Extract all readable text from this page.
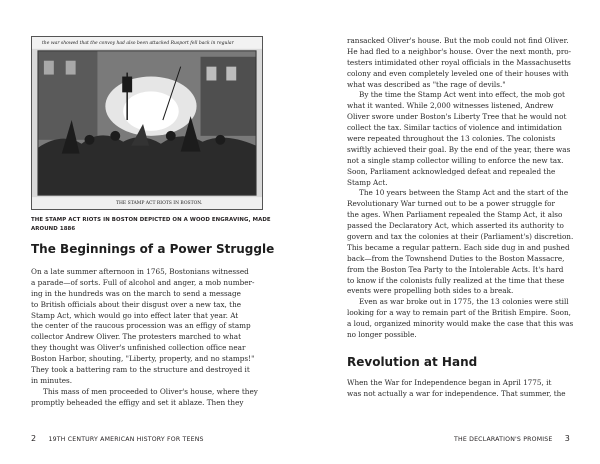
the war showed that the convoy had also been attacked Rusport fell back in regular
THE STAMP ACT RIOTS IN BOSTON.
THE STAMP ACT RIOTS IN BOSTON DEPICTED ON A WOOD ENGRAVING, MADE AROUND 1886
The Beginnings of a Power Struggle
On a late summer afternoon in 1765, Bostonians witnessed
a parade—of sorts. Full of alcohol and anger, a mob number-
ing in the hundreds was on the march to send a message
to British officials about their disgust over a new tax, the
Stamp Act, which would go into effect later that year. At
the center of the raucous procession was an effigy of stamp
collector Andrew Oliver. The protesters marched to what
they thought was Oliver's unfinished collection office near
Boston Harbor, shouting, "Liberty, property, and no stamps!"
They took a battering ram to the structure and destroyed it
in minutes.
This mass of men proceeded to Oliver's house, where they
promptly beheaded the effigy and set it ablaze. Then they
2 19TH CENTURY AMERICAN HISTORY FOR TEENS
ransacked Oliver's house. But the mob could not find Oliver.
He had fled to a neighbor's house. Over the next month, pro-
testers intimidated other royal officials in the Massachusetts
colony and even completely leveled one of their houses with
what was described as "the rage of devils."
By the time the Stamp Act went into effect, the mob got
what it wanted. While 2,000 witnesses listened, Andrew
Oliver swore under Boston's Liberty Tree that he would not
collect the tax. Similar tactics of violence and intimidation
were repeated throughout the 13 colonies. The colonists
swiftly achieved their goal. By the end of the year, there was
not a single stamp collector willing to enforce the new tax.
Soon, Parliament acknowledged defeat and repealed the
Stamp Act.
The 10 years between the Stamp Act and the start of the
Revolutionary War turned out to be a power struggle for
the ages. When Parliament repealed the Stamp Act, it also
passed the Declaratory Act, which asserted its authority to
govern and tax the colonies at their (Parliament's) discretion.
This became a regular pattern. Each side dug in and pushed
back—from the Townshend Duties to the Boston Massacre,
from the Boston Tea Party to the Intolerable Acts. It's hard
to know if the colonists fully realized at the time that these
events were propelling both sides to a break.
Even as war broke out in 1775, the 13 colonies were still
looking for a way to remain part of the British Empire. Soon,
a loud, organized minority would make the case that this was
no longer possible.
Revolution at Hand
When the War for Independence began in April 1775, it
was not actually a war for independence. That summer, the
THE DECLARATION'S PROMISE 3
